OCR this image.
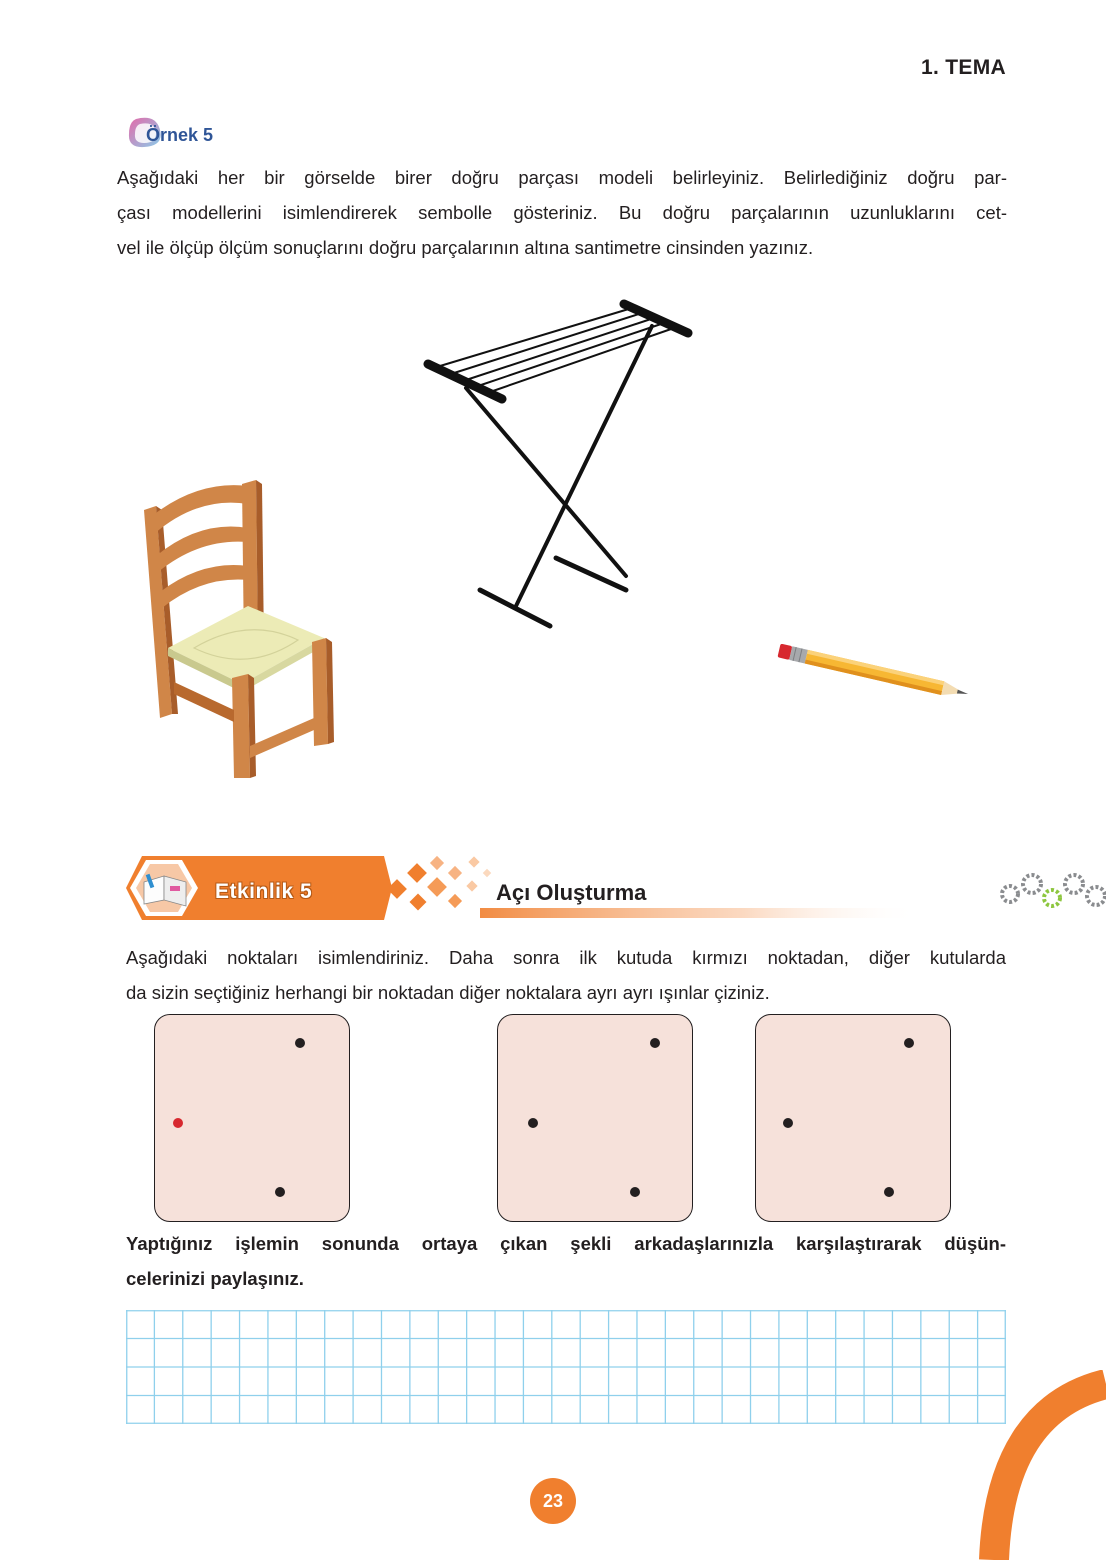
1. TEMA
Örnek 5
Aşağıdaki her bir görselde birer doğru parçası modeli belirleyiniz. Belirlediğiniz doğru par-
çası modellerini isimlendirerek sembolle gösteriniz. Bu doğru parçalarının uzunluklarını cet-
vel ile ölçüp ölçüm sonuçlarını doğru parçalarının altına santimetre cinsinden yazınız.
Etkinlik 5	Açı Oluşturma
Aşağıdaki noktaları isimlendiriniz. Daha sonra ilk kutuda kırmızı noktadan, diğer kutularda
da sizin seçtiğiniz herhangi bir noktadan diğer noktalara ayrı ayrı ışınlar çiziniz.
Yaptığınız işlemin sonunda ortaya çıkan şekli arkadaşlarınızla karşılaştırarak düşün-
celerinizi paylaşınız.
23
